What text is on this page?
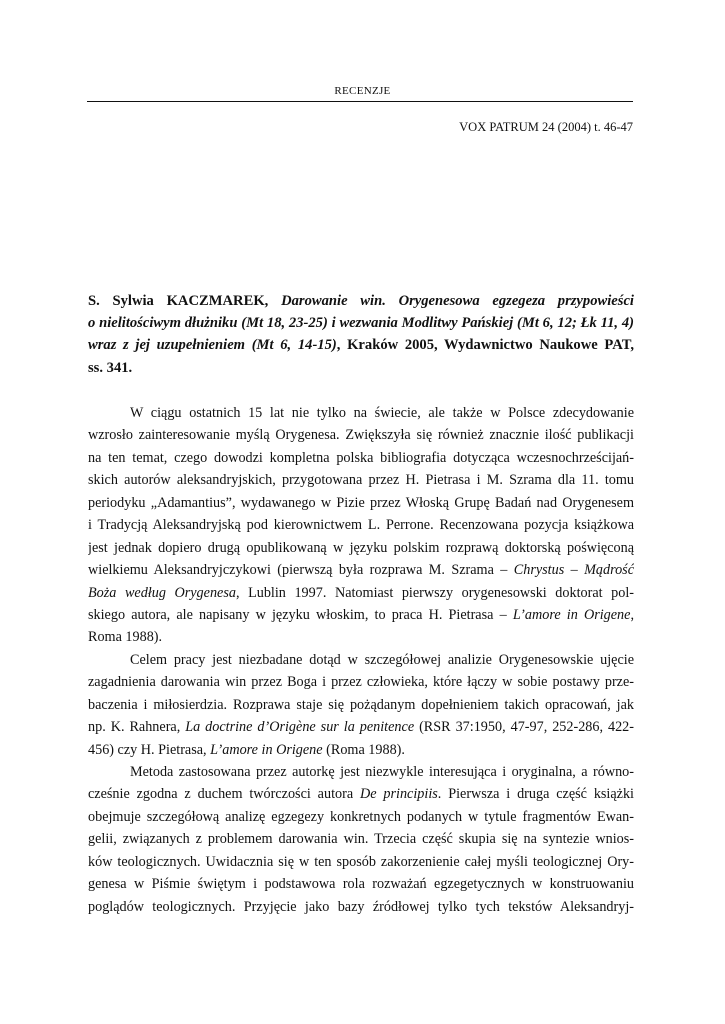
RECENZJE
VOX PATRUM 24 (2004) t. 46-47
S. Sylwia KACZMAREK, Darowanie win. Orygenesowa egzegeza przypowieści
o nielitościwym dłużniku (Mt 18, 23-25) i wezwania Modlitwy Pańskiej (Mt 6, 12; Łk 11, 4)
wraz z jej uzupełnieniem (Mt 6, 14-15), Kraków 2005, Wydawnictwo Naukowe PAT,
ss. 341.
W ciągu ostatnich 15 lat nie tylko na świecie, ale także w Polsce zdecydowanie
wzrosło zainteresowanie myślą Orygenesa. Zwiększyła się również znacznie ilość publikacji
na ten temat, czego dowodzi kompletna polska bibliografia dotycząca wczesnochrześcijań-
skich autorów aleksandryjskich, przygotowana przez H. Pietrasa i M. Szrama dla 11. tomu
periodyku „Adamantius”, wydawanego w Pizie przez Włoską Grupę Badań nad Orygenesem
i Tradycją Aleksandryjską pod kierownictwem L. Perrone. Recenzowana pozycja książkowa
jest jednak dopiero drugą opublikowaną w języku polskim rozprawą doktorską poświęconą
wielkiemu Aleksandryjczykowi (pierwszą była rozprawa M. Szrama – Chrystus – Mądrość
Boża według Orygenesa, Lublin 1997. Natomiast pierwszy orygenesowski doktorat pol-
skiego autora, ale napisany w języku włoskim, to praca H. Pietrasa – L’amore in Origene,
Roma 1988).
Celem pracy jest niezbadane dotąd w szczegółowej analizie Orygenesowskie ujęcie
zagadnienia darowania win przez Boga i przez człowieka, które łączy w sobie postawy prze-
baczenia i miłosierdzia. Rozprawa staje się pożądanym dopełnieniem takich opracowań, jak
np. K. Rahnera, La doctrine d’Origène sur la penitence (RSR 37:1950, 47-97, 252-286, 422-
456) czy H. Pietrasa, L’amore in Origene (Roma 1988).
Metoda zastosowana przez autorkę jest niezwykle interesująca i oryginalna, a równo-
cześnie zgodna z duchem twórczości autora De principiis. Pierwsza i druga część książki
obejmuje szczegółową analizę egzegezy konkretnych podanych w tytule fragmentów Ewan-
gelii, związanych z problemem darowania win. Trzecia część skupia się na syntezie wnios-
ków teologicznych. Uwidacznia się w ten sposób zakorzenienie całej myśli teologicznej Ory-
genesa w Piśmie świętym i podstawowa rola rozważań egzegetycznych w konstruowaniu
poglądów teologicznych. Przyjęcie jako bazy źródłowej tylko tych tekstów Aleksandryj-
